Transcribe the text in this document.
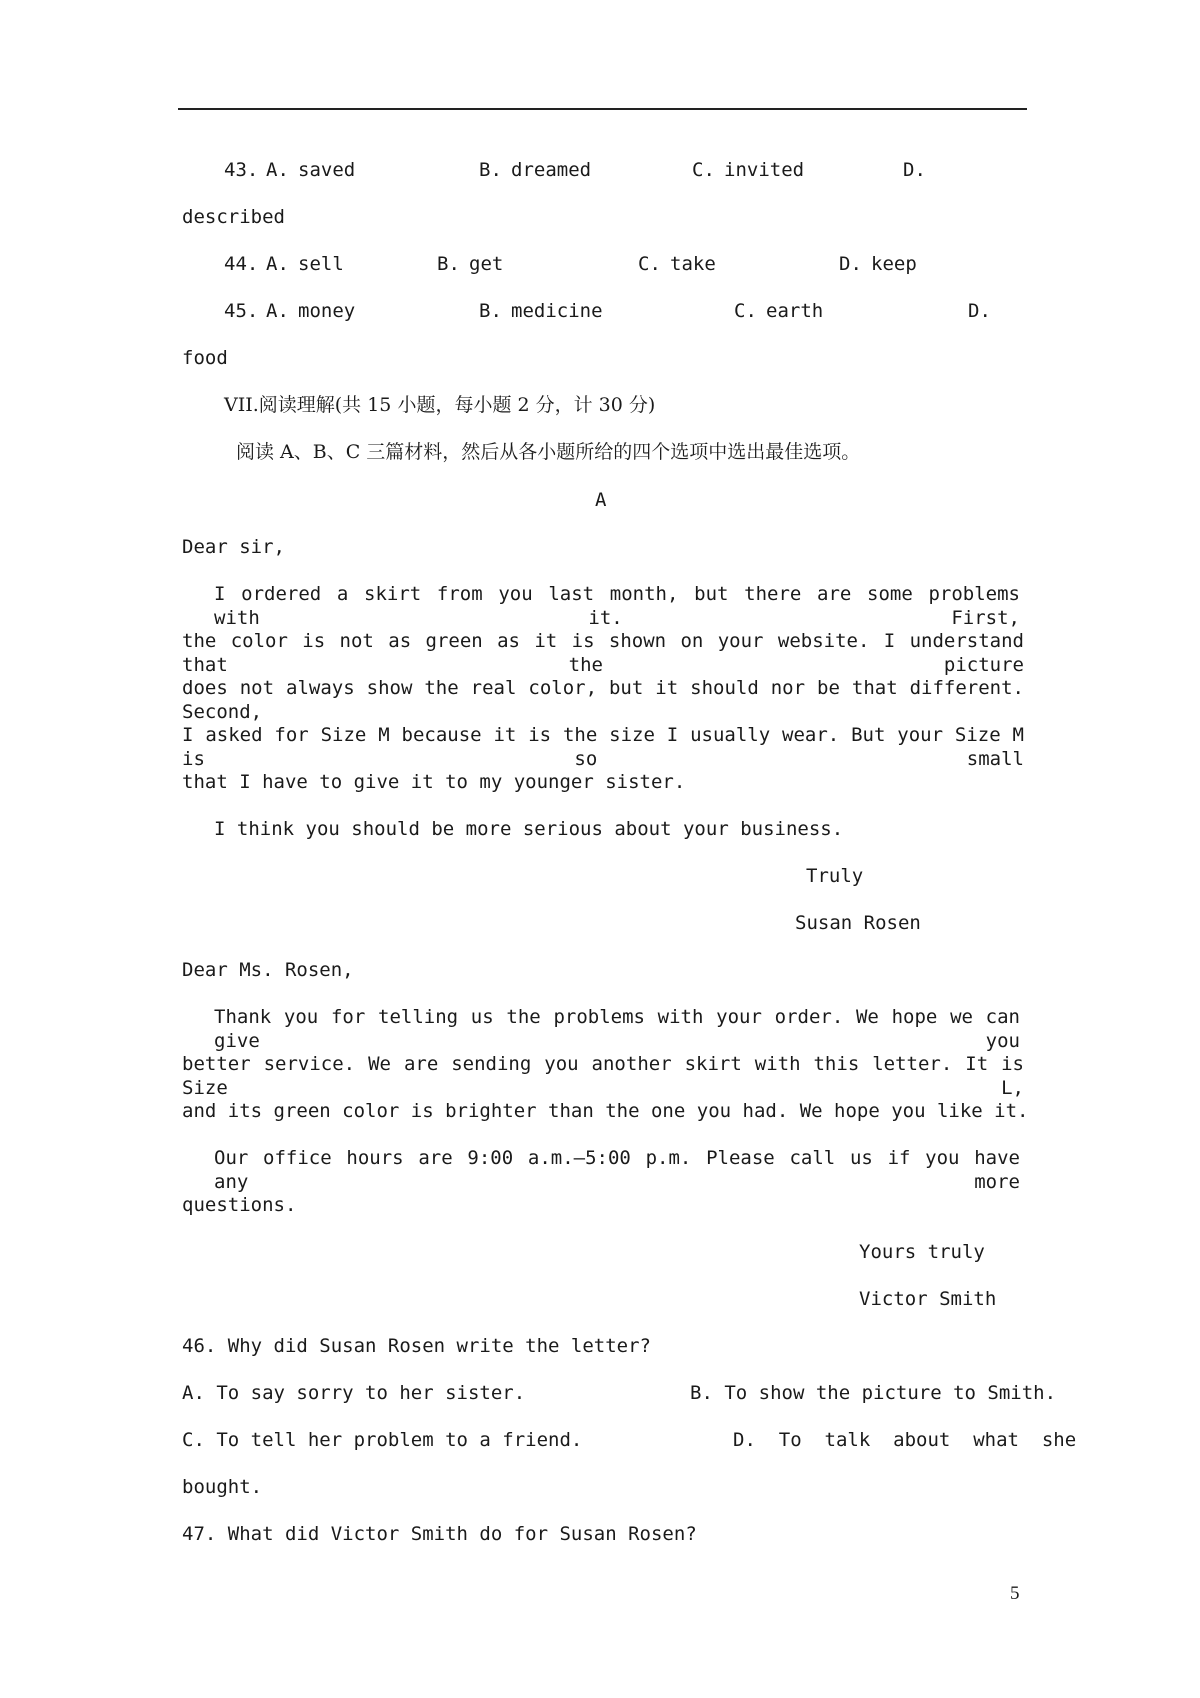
43. A. saved	B. dreamed	C. invited	D.
described
44. A. sell	B. get	C. take	D. keep
45. A. money	B. medicine	C. earth	D.
food
VII.阅读理解(共 15 小题，每小题 2 分，计 30 分)
阅读 A、B、C 三篇材料，然后从各小题所给的四个选项中选出最佳选项。
A
Dear sir,
I ordered a skirt from you last month, but there are some problems with it. First,
the color is not as green as it is shown on your website. I understand that the picture
does not always show the real color, but it should nor be that different. Second,
I asked for Size M because it is the size I usually wear. But your Size M is so small
that I have to give it to my younger sister.
I think you should be more serious about your business.
Truly
Susan Rosen
Dear Ms. Rosen,
Thank you for telling us the problems with your order. We hope we can give you
better service. We are sending you another skirt with this letter. It is Size L,
and its green color is brighter than the one you had. We hope you like it.
Our office hours are 9:00 a.m.—5:00 p.m. Please call us if you have any more
questions.
Yours truly
Victor Smith
46. Why did Susan Rosen write the letter?
A. To say sorry to her sister.	B. To show the picture to Smith.
C. To tell her problem to a friend.	D.  To  talk  about  what  she
bought.
47. What did Victor Smith do for Susan Rosen?
5
